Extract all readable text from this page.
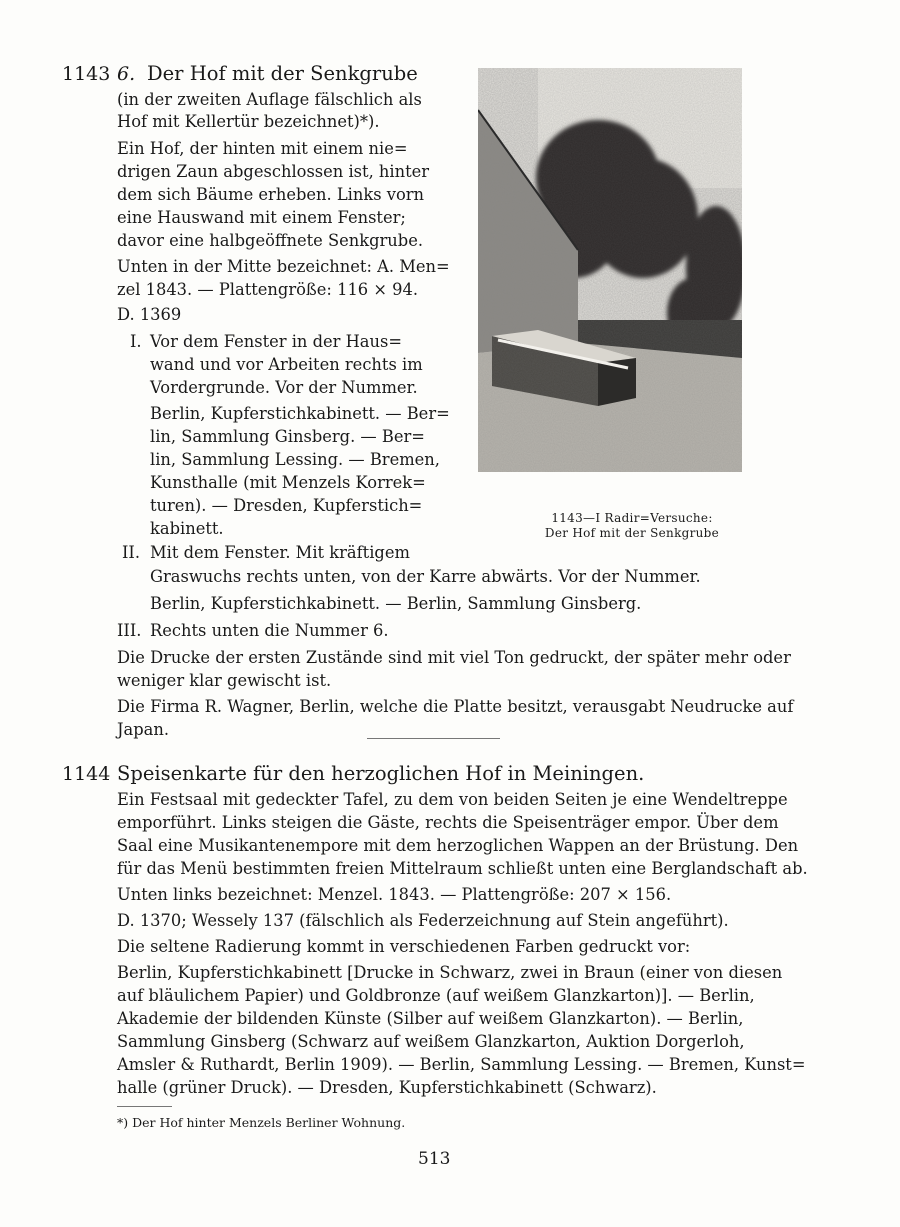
1143 6. Der Hof mit der Senkgrube
(in der zweiten Auflage fälschlich als
Hof mit Kellertür bezeichnet)*).
Ein Hof, der hinten mit einem nie=
drigen Zaun abgeschlossen ist, hinter
dem sich Bäume erheben. Links vorn
eine Hauswand mit einem Fenster;
davor eine halbgeöffnete Senkgrube.
Unten in der Mitte bezeichnet: A. Men=
zel 1843. — Plattengröße: 116 × 94.
D. 1369
I. Vor dem Fenster in der Haus=
wand und vor Arbeiten rechts im
Vordergrunde. Vor der Nummer.
Berlin, Kupferstichkabinett. — Ber=
lin, Sammlung Ginsberg. — Ber=
lin, Sammlung Lessing. — Bremen,
Kunsthalle (mit Menzels Korrek=
turen). — Dresden, Kupferstich=
kabinett.
II. Mit dem Fenster. Mit kräftigem
Graswuchs rechts unten, von der Karre abwärts. Vor der Nummer.
Berlin, Kupferstichkabinett. — Berlin, Sammlung Ginsberg.
III. Rechts unten die Nummer 6.
Die Drucke der ersten Zustände sind mit viel Ton gedruckt, der später mehr oder
weniger klar gewischt ist.
Die Firma R. Wagner, Berlin, welche die Platte besitzt, verausgabt Neudrucke auf
Japan.
1143—I Radir=Versuche:
Der Hof mit der Senkgrube
1144 Speisenkarte für den herzoglichen Hof in Meiningen.
Ein Festsaal mit gedeckter Tafel, zu dem von beiden Seiten je eine Wendeltreppe
emporführt. Links steigen die Gäste, rechts die Speisenträger empor. Über dem
Saal eine Musikantenempore mit dem herzoglichen Wappen an der Brüstung. Den
für das Menü bestimmten freien Mittelraum schließt unten eine Berglandschaft ab.
Unten links bezeichnet: Menzel. 1843. — Plattengröße: 207 × 156.
D. 1370; Wessely 137 (fälschlich als Federzeichnung auf Stein angeführt).
Die seltene Radierung kommt in verschiedenen Farben gedruckt vor:
Berlin, Kupferstichkabinett [Drucke in Schwarz, zwei in Braun (einer von diesen
auf bläulichem Papier) und Goldbronze (auf weißem Glanzkarton)]. — Berlin,
Akademie der bildenden Künste (Silber auf weißem Glanzkarton). — Berlin,
Sammlung Ginsberg (Schwarz auf weißem Glanzkarton, Auktion Dorgerloh,
Amsler & Ruthardt, Berlin 1909). — Berlin, Sammlung Lessing. — Bremen, Kunst=
halle (grüner Druck). — Dresden, Kupferstichkabinett (Schwarz).
*) Der Hof hinter Menzels Berliner Wohnung.
513
